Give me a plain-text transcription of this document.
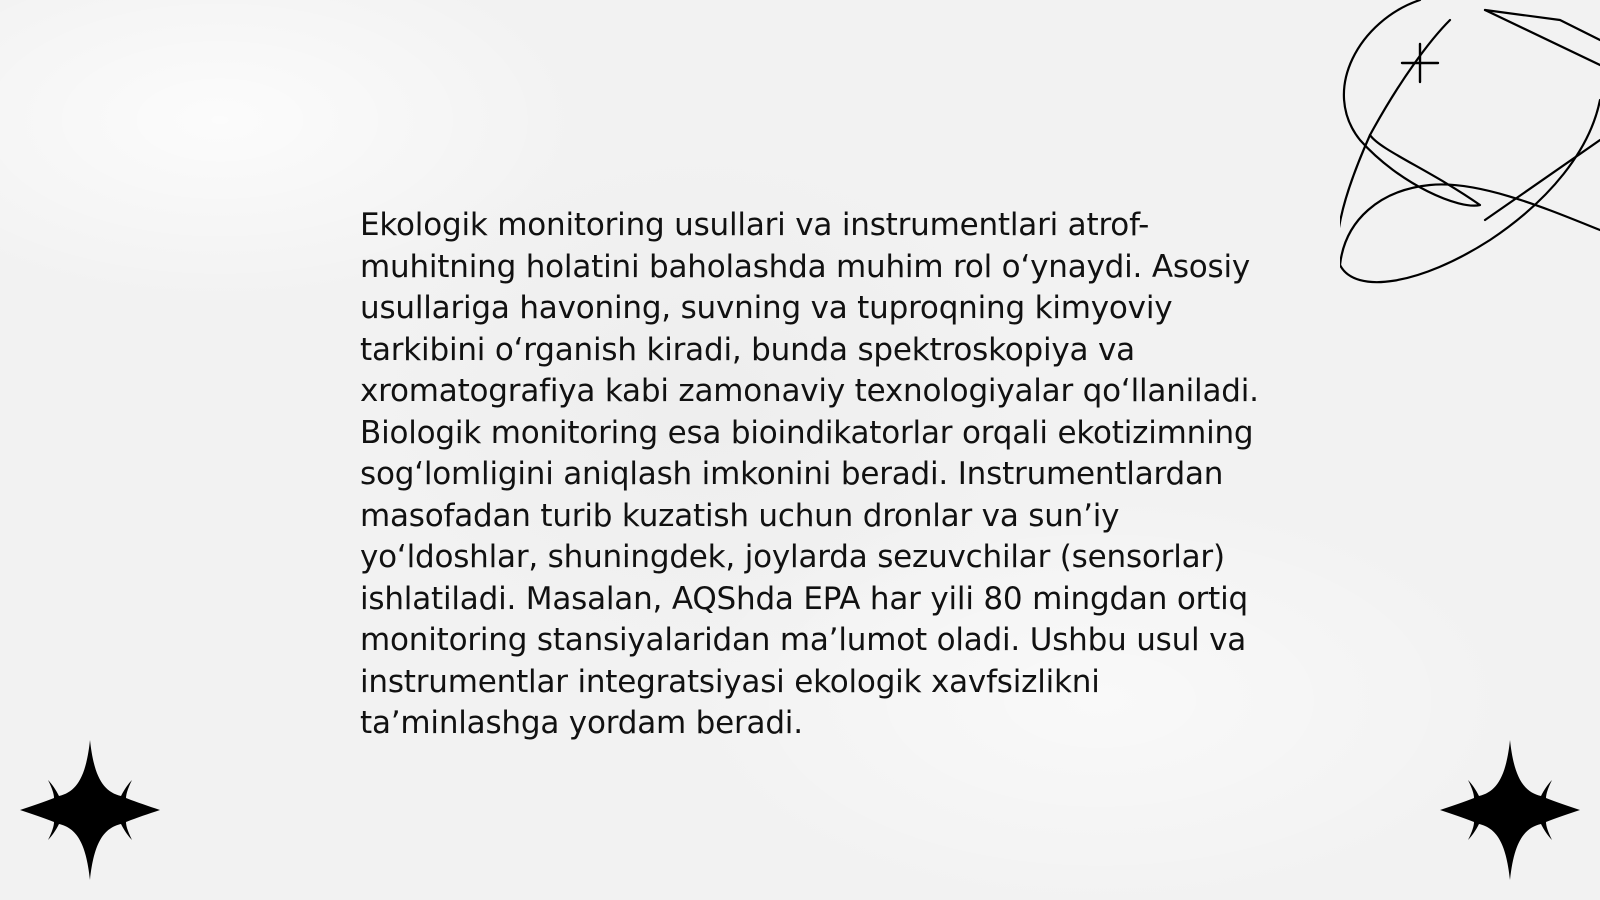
Ekologik monitoring usullari va instrumentlari atrof-muhitning holatini baholashda muhim rol o‘ynaydi. Asosiy usullariga havoning, suvning va tuproqning kimyoviy tarkibini o‘rganish kiradi, bunda spektroskopiya va xromatografiya kabi zamonaviy texnologiyalar qo‘llaniladi. Biologik monitoring esa bioindikatorlar orqali ekotizimning sog‘lomligini aniqlash imkonini beradi. Instrumentlardan masofadan turib kuzatish uchun dronlar va sun’iy yo‘ldoshlar, shuningdek, joylarda sezuvchilar (sensorlar) ishlatiladi. Masalan, AQShda EPA har yili 80 mingdan ortiq monitoring stansiyalaridan ma’lumot oladi. Ushbu usul va instrumentlar integratsiyasi ekologik xavfsizlikni ta’minlashga yordam beradi.
